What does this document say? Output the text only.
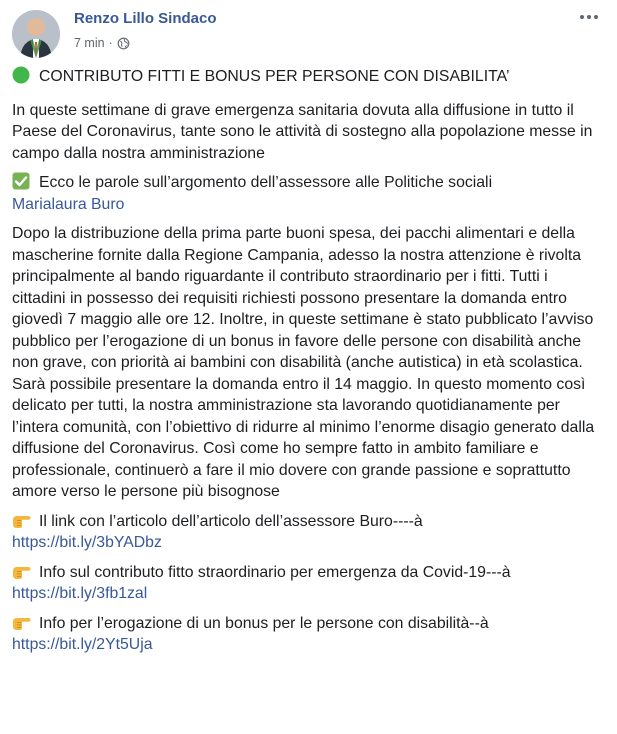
Renzo Lillo Sindaco
7 min ·

CONTRIBUTO FITTI E BONUS PER PERSONE CON DISABILITA’

In queste settimane di grave emergenza sanitaria dovuta alla diffusione in tutto il Paese del Coronavirus, tante sono le attività di sostegno alla popolazione messe in campo dalla nostra amministrazione

Ecco le parole sull’argomento dell’assessore alle Politiche sociali
Marialaura Buro

Dopo la distribuzione della prima parte buoni spesa, dei pacchi alimentari e della mascherine fornite dalla Regione Campania, adesso la nostra attenzione è rivolta principalmente al bando riguardante il contributo straordinario per i fitti. Tutti i cittadini in possesso dei requisiti richiesti possono presentare la domanda entro giovedì 7 maggio alle ore 12. Inoltre, in queste settimane è stato pubblicato l’avviso pubblico per l’erogazione di un bonus in favore delle persone con disabilità anche non grave, con priorità ai bambini con disabilità (anche autistica) in età scolastica. Sarà possibile presentare la domanda entro il 14 maggio. In questo momento così delicato per tutti, la nostra amministrazione sta lavorando quotidianamente per l’intera comunità, con l’obiettivo di ridurre al minimo l’enorme disagio generato dalla diffusione del Coronavirus. Così come ho sempre fatto in ambito familiare e professionale, continuerò a fare il mio dovere con grande passione e soprattutto amore verso le persone più bisognose

Il link con l’articolo dell’articolo dell’assessore Buro----à
https://bit.ly/3bYADbz

Info sul contributo fitto straordinario per emergenza da Covid-19---à
https://bit.ly/3fb1zal

Info per l’erogazione di un bonus per le persone con disabilità--à
https://bit.ly/2Yt5Uja
